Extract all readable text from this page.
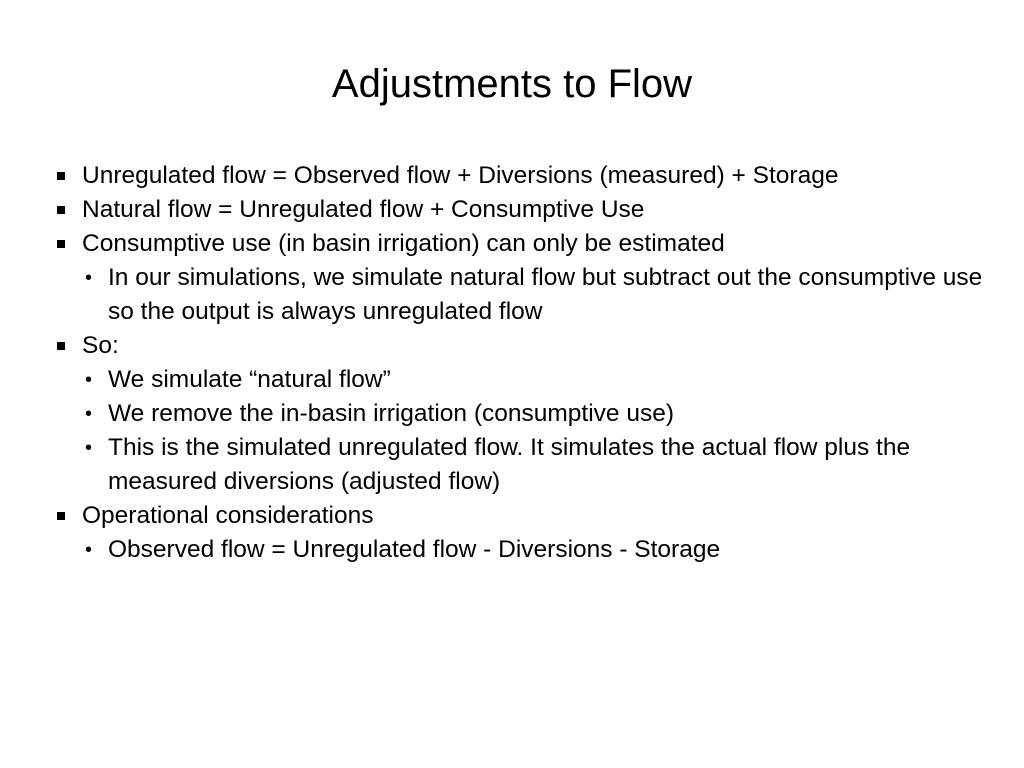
Adjustments to Flow
Unregulated flow = Observed flow + Diversions (measured) + Storage
Natural flow = Unregulated flow + Consumptive Use
Consumptive use (in basin irrigation) can only be estimated
• In our simulations, we simulate natural flow but subtract out the consumptive use so the output is always unregulated flow
So:
• We simulate “natural flow”
• We remove the in-basin irrigation (consumptive use)
• This is the simulated unregulated flow. It simulates the actual flow plus the measured diversions (adjusted flow)
Operational considerations
• Observed flow = Unregulated flow - Diversions - Storage
